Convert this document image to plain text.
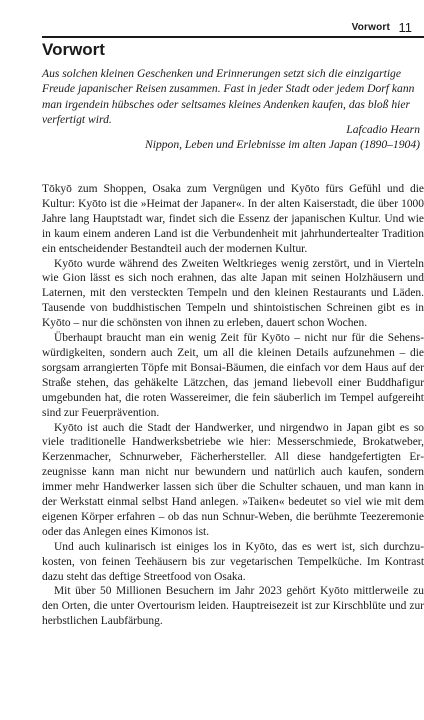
Vorwort 11
Vorwort

Aus solchen kleinen Geschenken und Erinnerungen setzt sich die einzigartige Freude japanischer Reisen zusammen. Fast in jeder Stadt oder jedem Dorf kann man irgendein hübsches oder seltsames kleines Andenken kaufen, das bloß hier verfertigt wird.

Lafcadio Hearn
Nippon, Leben und Erlebnisse im alten Japan (1890–1904)

Tōkyō zum Shoppen, Osaka zum Vergnügen und Kyōto fürs Gefühl und die Kultur: Kyōto ist die »Heimat der Japaner«. In der alten Kaiserstadt, die über 1000 Jahre lang Hauptstadt war, findet sich die Essenz der japanischen Kultur. Und wie in kaum einem anderen Land ist die Verbundenheit mit jahrhundertealter Tradition ein entscheidender Bestandteil auch der modernen Kultur.

Kyōto wurde während des Zweiten Weltkrieges wenig zerstört, und in Vierteln wie Gion lässt es sich noch erahnen, das alte Japan mit seinen Holzhäusern und Laternen, mit den versteckten Tempeln und den kleinen Restaurants und Läden. Tausende von buddhistischen Tempeln und shintoistischen Schreinen gibt es in Kyōto – nur die schönsten von ihnen zu erleben, dauert schon Wochen.

Überhaupt braucht man ein wenig Zeit für Kyōto – nicht nur für die Sehenswürdigkeiten, sondern auch Zeit, um all die kleinen Details aufzunehmen – die sorgsam arrangierten Töpfe mit Bonsai-Bäumen, die einfach vor dem Haus auf der Straße stehen, das gehäkelte Lätzchen, das jemand liebevoll einer Buddhafigur umgebunden hat, die roten Wassereimer, die fein säuberlich im Tempel aufgereiht sind zur Feuerprävention.

Kyōto ist auch die Stadt der Handwerker, und nirgendwo in Japan gibt es so viele traditionelle Handwerksbetriebe wie hier: Messerschmiede, Brokatweber, Kerzenmacher, Schnurweber, Fächerhersteller. All diese handgefertigten Erzeugnisse kann man nicht nur bewundern und natürlich auch kaufen, sondern immer mehr Handwerker lassen sich über die Schulter schauen, und man kann in der Werkstatt einmal selbst Hand anlegen. »Taiken« bedeutet so viel wie mit dem eigenen Körper erfahren – ob das nun Schnur-Weben, die berühmte Teezeremonie oder das Anlegen eines Kimonos ist.

Und auch kulinarisch ist einiges los in Kyōto, das es wert ist, sich durchzukosten, von feinen Teehäusern bis zur vegetarischen Tempelküche. Im Kontrast dazu steht das deftige Streetfood von Osaka.

Mit über 50 Millionen Besuchern im Jahr 2023 gehört Kyōto mittlerweile zu den Orten, die unter Overtourism leiden. Hauptreisezeit ist zur Kirschblüte und zur herbstlichen Laubfärbung.
